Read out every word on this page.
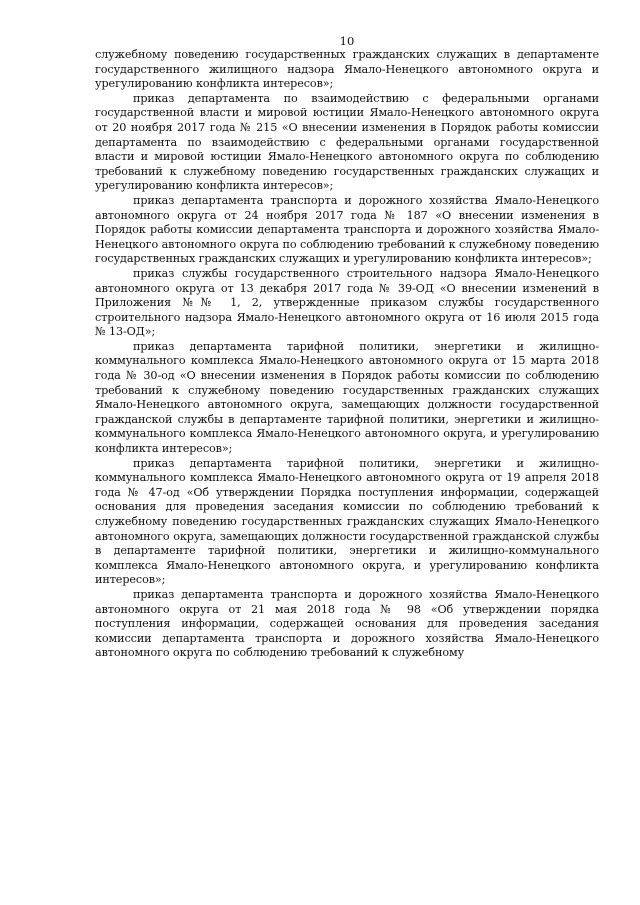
10

служебному поведению государственных гражданских служащих в департаменте государственного жилищного надзора Ямало-Ненецкого автономного округа и урегулированию конфликта интересов»;

приказ департамента по взаимодействию с федеральными органами государственной власти и мировой юстиции Ямало-Ненецкого автономного округа от 20 ноября 2017 года № 215 «О внесении изменения в Порядок работы комиссии департамента по взаимодействию с федеральными органами государственной власти и мировой юстиции Ямало-Ненецкого автономного округа по соблюдению требований к служебному поведению государственных гражданских служащих и урегулированию конфликта интересов»;

приказ департамента транспорта и дорожного хозяйства Ямало-Ненецкого автономного округа от 24 ноября 2017 года № 187 «О внесении изменения в Порядок работы комиссии департамента транспорта и дорожного хозяйства Ямало-Ненецкого автономного округа по соблюдению требований к служебному поведению государственных гражданских служащих и урегулированию конфликта интересов»;

приказ службы государственного строительного надзора Ямало-Ненецкого автономного округа от 13 декабря 2017 года № 39-ОД «О внесении изменений в Приложения №№ 1, 2, утвержденные приказом службы государственного строительного надзора Ямало-Ненецкого автономного округа от 16 июля 2015 года № 13-ОД»;

приказ департамента тарифной политики, энергетики и жилищно-коммунального комплекса Ямало-Ненецкого автономного округа от 15 марта 2018 года № 30-од «О внесении изменения в Порядок работы комиссии по соблюдению требований к служебному поведению государственных гражданских служащих Ямало-Ненецкого автономного округа, замещающих должности государственной гражданской службы в департаменте тарифной политики, энергетики и жилищно-коммунального комплекса Ямало-Ненецкого автономного округа, и урегулированию конфликта интересов»;

приказ департамента тарифной политики, энергетики и жилищно-коммунального комплекса Ямало-Ненецкого автономного округа от 19 апреля 2018 года № 47-од «Об утверждении Порядка поступления информации, содержащей основания для проведения заседания комиссии по соблюдению требований к служебному поведению государственных гражданских служащих Ямало-Ненецкого автономного округа, замещающих должности государственной гражданской службы в департаменте тарифной политики, энергетики и жилищно-коммунального комплекса Ямало-Ненецкого автономного округа, и урегулированию конфликта интересов»;

приказ департамента транспорта и дорожного хозяйства Ямало-Ненецкого автономного округа от 21 мая 2018 года № 98 «Об утверждении порядка поступления информации, содержащей основания для проведения заседания комиссии департамента транспорта и дорожного хозяйства Ямало-Ненецкого автономного округа по соблюдению требований к служебному
